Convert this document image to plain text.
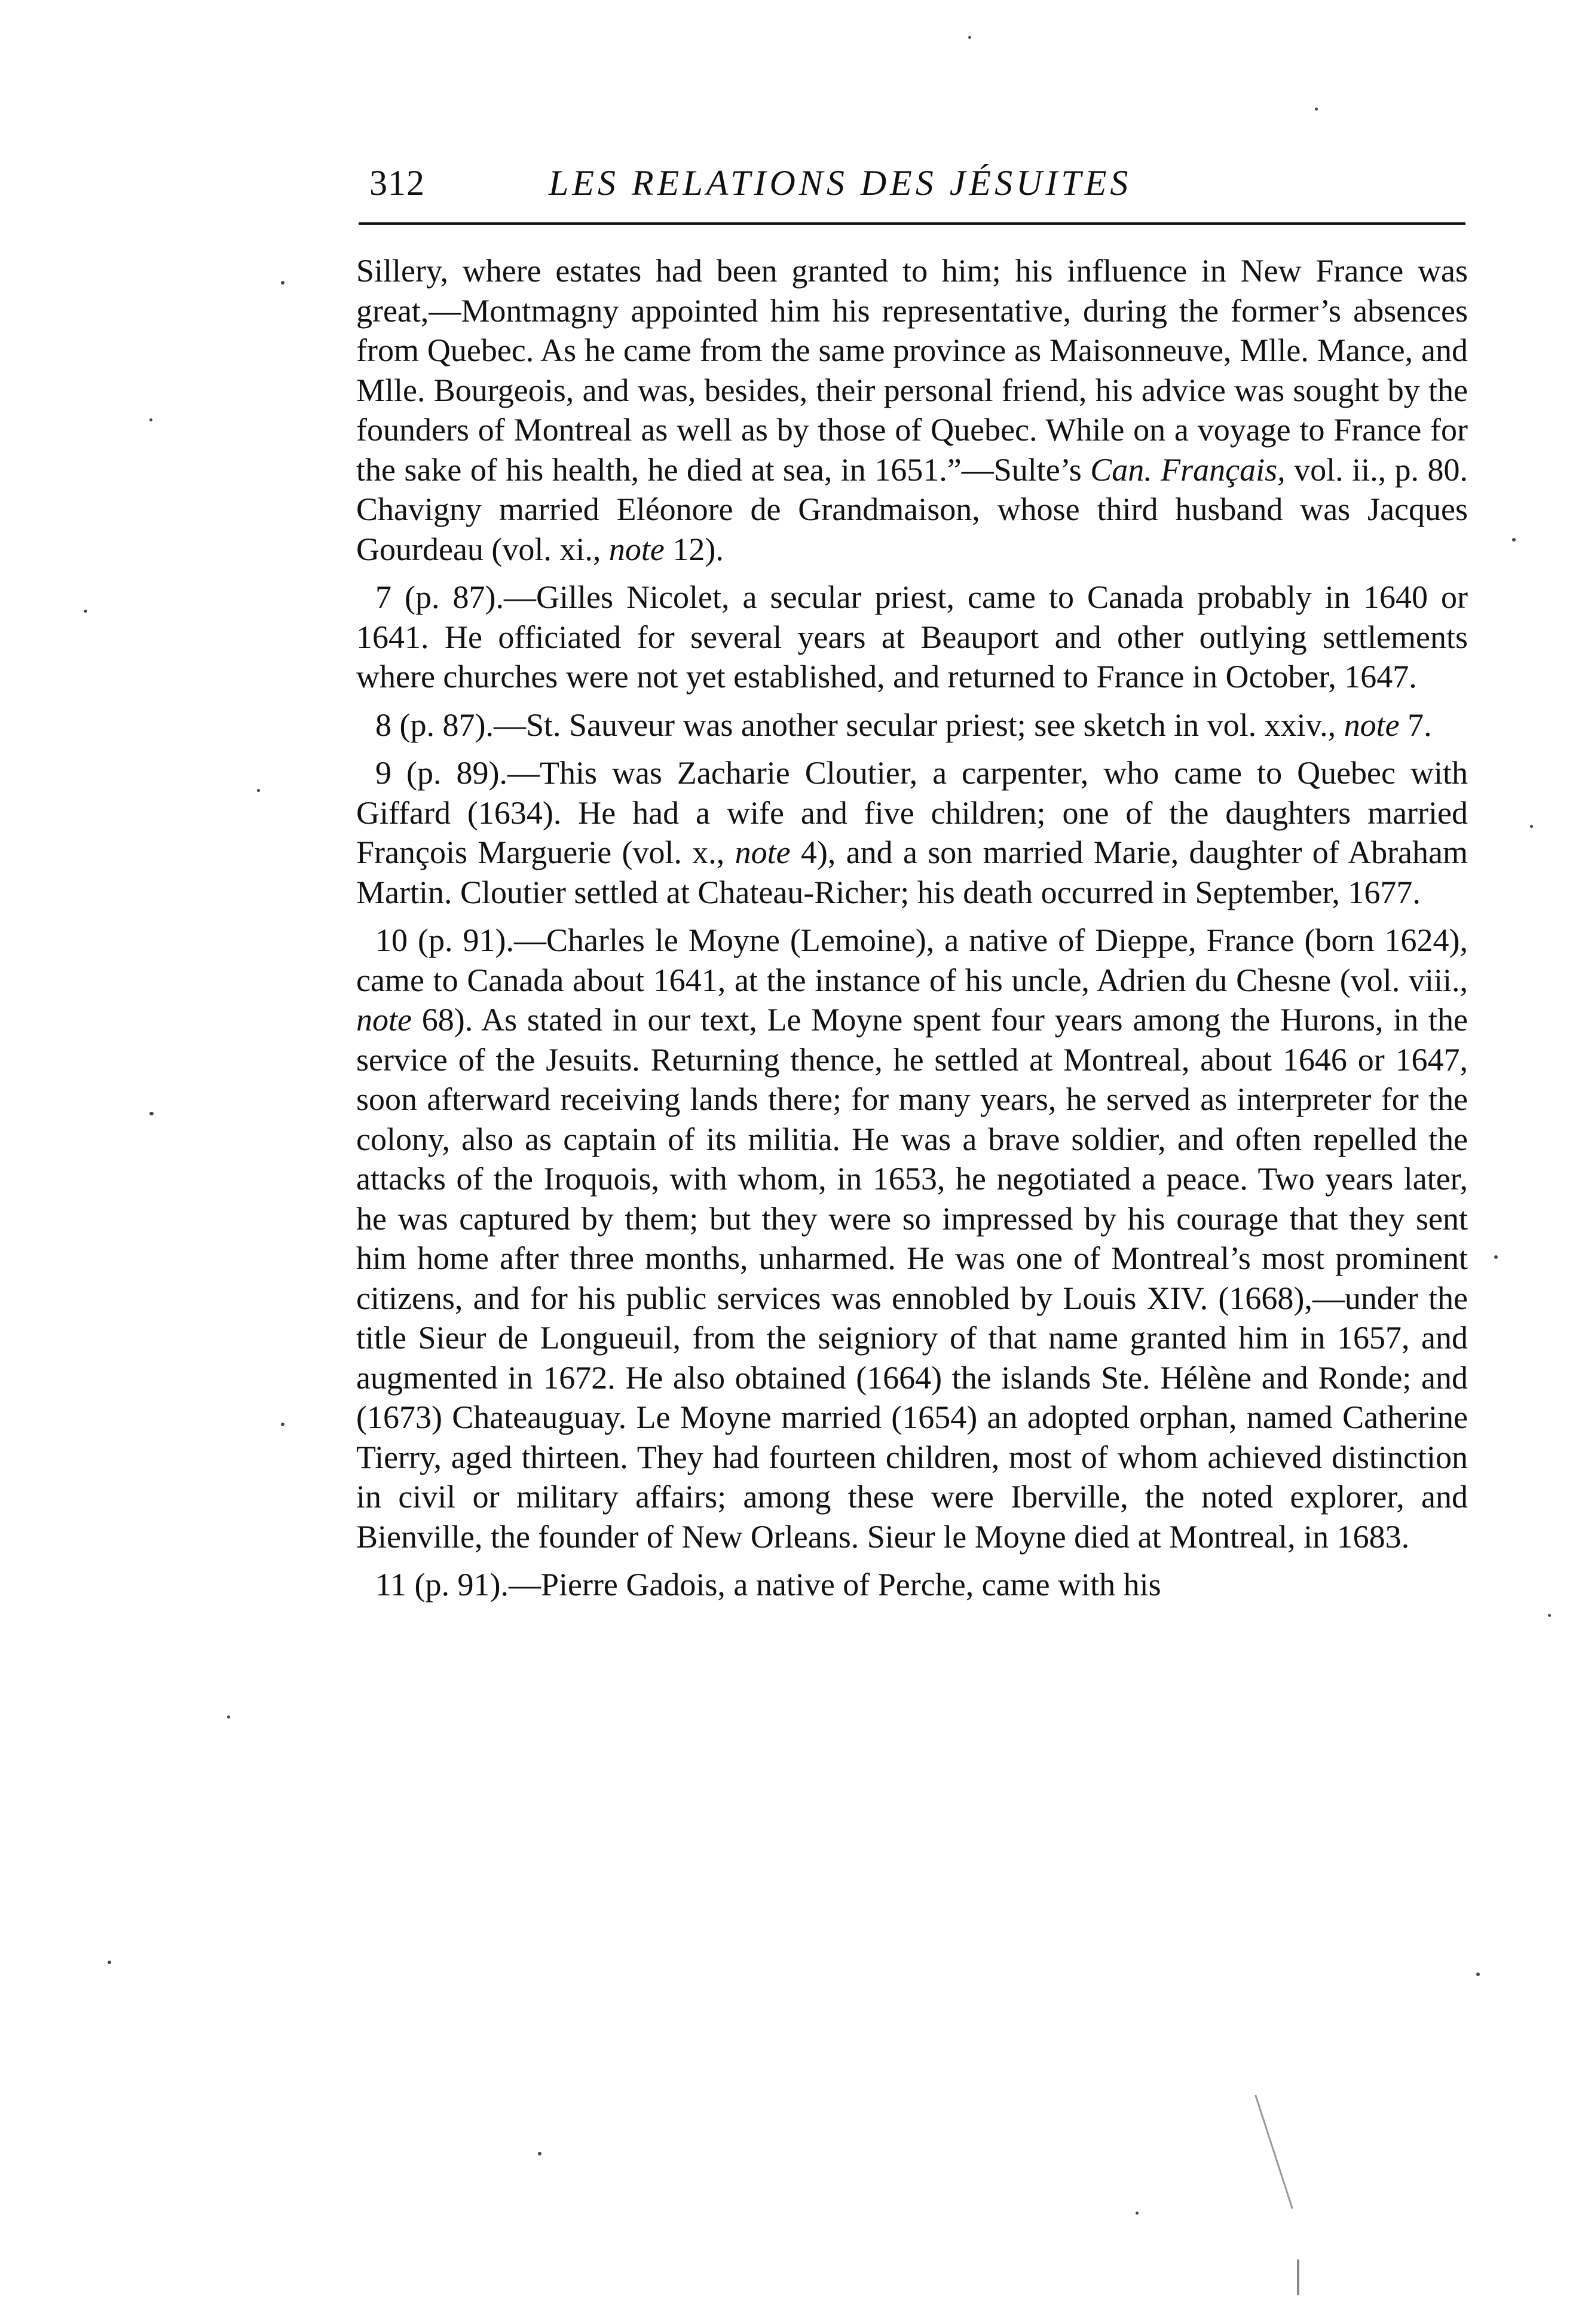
312	LES RELATIONS DES JÉSUITES

Sillery, where estates had been granted to him; his influence in New France was great,—Montmagny appointed him his representative, during the former’s absences from Quebec. As he came from the same province as Maisonneuve, Mlle. Mance, and Mlle. Bourgeois, and was, besides, their personal friend, his advice was sought by the founders of Montreal as well as by those of Quebec. While on a voyage to France for the sake of his health, he died at sea, in 1651.”—Sulte’s Can. Français, vol. ii., p. 80. Chavigny married Eléonore de Grandmaison, whose third husband was Jacques Gourdeau (vol. xi., note 12).

7 (p. 87).—Gilles Nicolet, a secular priest, came to Canada probably in 1640 or 1641. He officiated for several years at Beauport and other outlying settlements where churches were not yet established, and returned to France in October, 1647.

8 (p. 87).—St. Sauveur was another secular priest; see sketch in vol. xxiv., note 7.

9 (p. 89).—This was Zacharie Cloutier, a carpenter, who came to Quebec with Giffard (1634). He had a wife and five children; one of the daughters married François Marguerie (vol. x., note 4), and a son married Marie, daughter of Abraham Martin. Cloutier settled at Chateau-Richer; his death occurred in September, 1677.

10 (p. 91).—Charles le Moyne (Lemoine), a native of Dieppe, France (born 1624), came to Canada about 1641, at the instance of his uncle, Adrien du Chesne (vol. viii., note 68). As stated in our text, Le Moyne spent four years among the Hurons, in the service of the Jesuits. Returning thence, he settled at Montreal, about 1646 or 1647, soon afterward receiving lands there; for many years, he served as interpreter for the colony, also as captain of its militia. He was a brave soldier, and often repelled the attacks of the Iroquois, with whom, in 1653, he negotiated a peace. Two years later, he was captured by them; but they were so impressed by his courage that they sent him home after three months, unharmed. He was one of Montreal’s most prominent citizens, and for his public services was ennobled by Louis XIV. (1668),—under the title Sieur de Longueuil, from the seigniory of that name granted him in 1657, and augmented in 1672. He also obtained (1664) the islands Ste. Hélène and Ronde; and (1673) Chateauguay. Le Moyne married (1654) an adopted orphan, named Catherine Tierry, aged thirteen. They had fourteen children, most of whom achieved distinction in civil or military affairs; among these were Iberville, the noted explorer, and Bienville, the founder of New Orleans. Sieur le Moyne died at Montreal, in 1683.

11 (p. 91).—Pierre Gadois, a native of Perche, came with his
